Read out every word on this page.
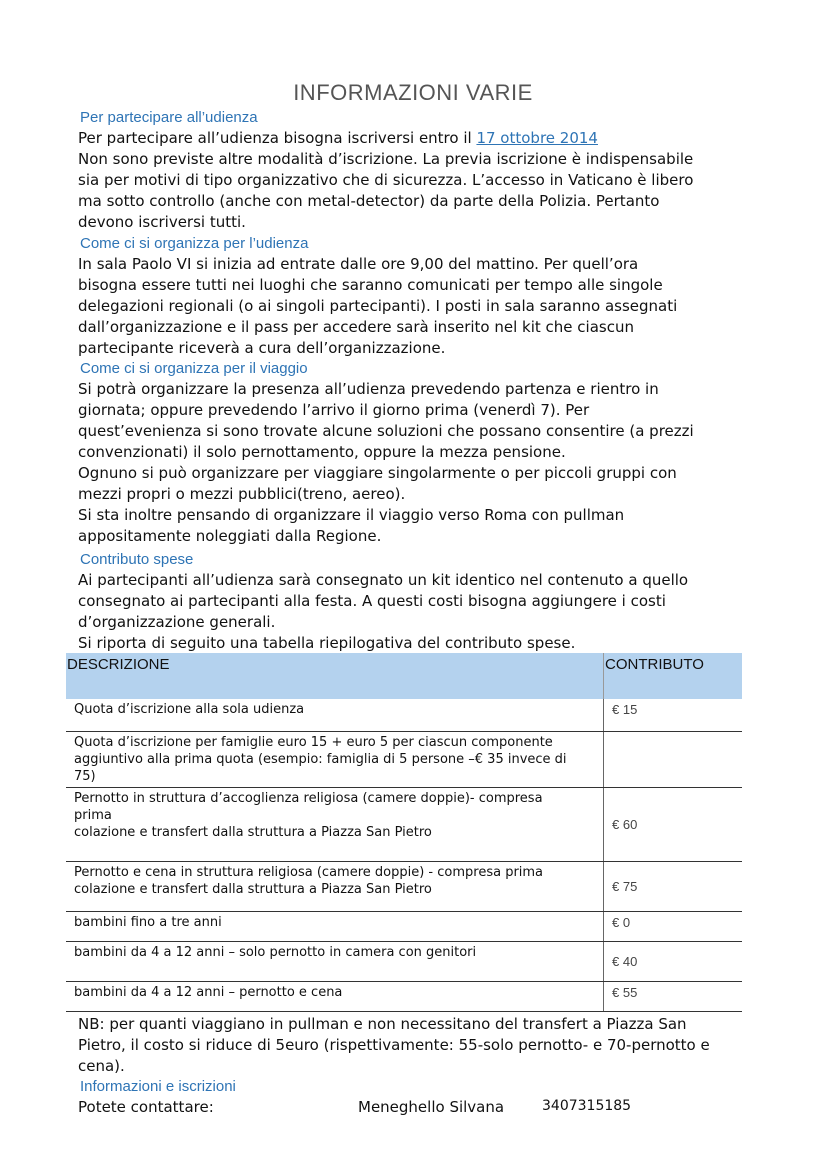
INFORMAZIONI VARIE
Per partecipare all’udienza

Per partecipare all’udienza bisogna iscriversi entro il 17 ottobre 2014

Non sono previste altre modalità d’iscrizione. La previa iscrizione è indispensabile

sia per motivi di tipo organizzativo che di sicurezza. L’accesso in Vaticano è libero

ma sotto controllo (anche con metal-detector) da parte della Polizia. Pertanto

devono iscriversi tutti.

Come ci si organizza per l’udienza

In sala Paolo VI si inizia ad entrate dalle ore 9,00 del mattino. Per quell’ora

bisogna essere tutti nei luoghi che saranno comunicati per tempo alle singole

delegazioni regionali (o ai singoli partecipanti). I posti in sala saranno assegnati

dall’organizzazione e il pass per accedere sarà inserito nel kit che ciascun

partecipante riceverà a cura dell’organizzazione.

Come ci si organizza per il viaggio

Si potrà organizzare la presenza all’udienza prevedendo partenza e rientro in

giornata; oppure prevedendo l’arrivo il giorno prima (venerdì 7). Per

quest’evenienza si sono trovate alcune soluzioni che possano consentire (a prezzi

convenzionati) il solo pernottamento, oppure la mezza pensione.

Ognuno si può organizzare per viaggiare singolarmente o per piccoli gruppi con

mezzi propri o mezzi pubblici(treno, aereo).

Si sta inoltre pensando di organizzare il viaggio verso Roma con pullman

appositamente noleggiati dalla Regione.

Contributo spese

Ai partecipanti all’udienza sarà consegnato un kit identico nel contenuto a quello

consegnato ai partecipanti alla festa. A questi costi bisogna aggiungere i costi

d’organizzazione generali.

Si riporta di seguito una tabella riepilogativa del contributo spese.

DESCRIZIONE	CONTRIBUTO

Quota d’iscrizione alla sola udienza	€ 15

Quota d’iscrizione per famiglie euro 15 + euro 5 per ciascun componente
aggiuntivo alla prima quota (esempio: famiglia di 5 persone –€ 35 invece di
75)	

Pernotto in struttura d’accoglienza religiosa (camere doppie)- compresa
prima
colazione e transfert dalla struttura a Piazza San Pietro	€ 60

Pernotto e cena in struttura religiosa (camere doppie) - compresa prima
colazione e transfert dalla struttura a Piazza San Pietro	€ 75

bambini fino a tre anni	€ 0

bambini da 4 a 12 anni – solo pernotto in camera con genitori	€ 40

bambini da 4 a 12 anni – pernotto e cena	€ 55

NB: per quanti viaggiano in pullman e non necessitano del transfert a Piazza San

Pietro, il costo si riduce di 5euro (rispettivamente: 55-solo pernotto- e 70-pernotto e

cena).

Informazioni e iscrizioni
Potete contattare:	Meneghello Silvana	3407315185
